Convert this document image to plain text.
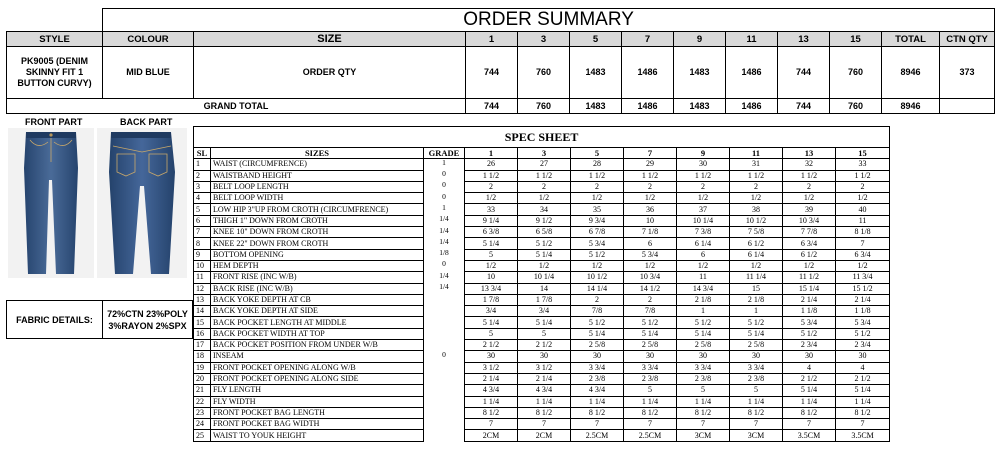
	ORDER SUMMARY											
STYLE	COLOUR	SIZE	1	3	5	7	9	11	13	15	TOTAL	CTN QTY
PK9005 (DENIM SKINNY FIT 1 BUTTON CURVY)	MID BLUE	ORDER QTY	744	760	1483	1486	1483	1486	744	760	8946	373
GRAND TOTAL			744	760	1483	1486	1483	1486	744	760	8946	
FRONT PART	BACK PART
FABRIC DETAILS:	72%CTN 23%POLY 3%RAYON 2%SPX
SPEC SHEET										
SL	SIZES	GRADE	1	3	5	7	9	11	13	15
1	WAIST (CIRCUMFRENCE)	1	26	27	28	29	30	31	32	33
2	WAISTBAND HEIGHT	0	1 1/2	1 1/2	1 1/2	1 1/2	1 1/2	1 1/2	1 1/2	1 1/2
3	BELT LOOP LENGTH	0	2	2	2	2	2	2	2	2
4	BELT LOOP WIDTH	0	1/2	1/2	1/2	1/2	1/2	1/2	1/2	1/2
5	LOW HIP 3"UP FROM CROTH (CIRCUMFRENCE)	1	33	34	35	36	37	38	39	40
6	THIGH 1" DOWN FROM CROTH	1/4	9 1/4	9 1/2	9 3/4	10	10 1/4	10 1/2	10 3/4	11
7	KNEE 10" DOWN FROM CROTH	1/4	6 3/8	6 5/8	6 7/8	7 1/8	7 3/8	7 5/8	7 7/8	8 1/8
8	KNEE 22" DOWN FROM CROTH	1/4	5 1/4	5 1/2	5 3/4	6	6 1/4	6 1/2	6 3/4	7
9	BOTTOM OPENING	1/8	5	5 1/4	5 1/2	5 3/4	6	6 1/4	6 1/2	6 3/4
10	HEM DEPTH	0	1/2	1/2	1/2	1/2	1/2	1/2	1/2	1/2
11	FRONT RISE (INC W/B)	1/4	10	10 1/4	10 1/2	10 3/4	11	11 1/4	11 1/2	11 3/4
12	BACK RISE (INC W/B)	1/4	13 3/4	14	14 1/4	14 1/2	14 3/4	15	15 1/4	15 1/2
13	BACK YOKE DEPTH AT CB		1 7/8	1 7/8	2	2	2 1/8	2 1/8	2 1/4	2 1/4
14	BACK YOKE DEPTH AT SIDE		3/4	3/4	7/8	7/8	1	1	1 1/8	1 1/8
15	BACK POCKET LENGTH AT MIDDLE		5 1/4	5 1/4	5 1/2	5 1/2	5 1/2	5 1/2	5 3/4	5 3/4
16	BACK POCKET WIDTH AT TOP		5	5	5 1/4	5 1/4	5 1/4	5 1/4	5 1/2	5 1/2
17	BACK POCKET POSITION FROM UNDER W/B		2 1/2	2 1/2	2 5/8	2 5/8	2 5/8	2 5/8	2 3/4	2 3/4
18	INSEAM	0	30	30	30	30	30	30	30	30
19	FRONT POCKET OPENING ALONG W/B		3 1/2	3 1/2	3 3/4	3 3/4	3 3/4	3 3/4	4	4
20	FRONT POCKET OPENING ALONG SIDE		2 1/4	2 1/4	2 3/8	2 3/8	2 3/8	2 3/8	2 1/2	2 1/2
21	FLY LENGTH		4 3/4	4 3/4	4 3/4	5	5	5	5 1/4	5 1/4
22	FLY WIDTH		1 1/4	1 1/4	1 1/4	1 1/4	1 1/4	1 1/4	1 1/4	1 1/4
23	FRONT POCKET BAG LENGTH		8 1/2	8 1/2	8 1/2	8 1/2	8 1/2	8 1/2	8 1/2	8 1/2
24	FRONT POCKET BAG WIDTH		7	7	7	7	7	7	7	7
25	WAIST TO YOUK HEIGHT		2CM	2CM	2.5CM	2.5CM	3CM	3CM	3.5CM	3.5CM
